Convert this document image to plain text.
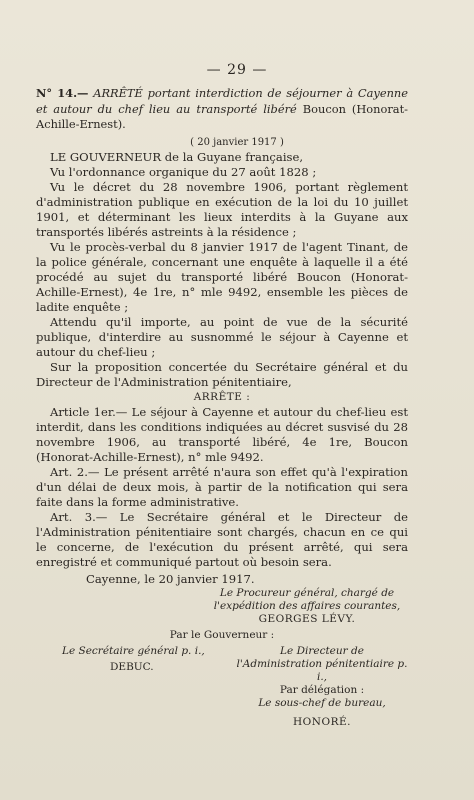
— 29 —
N° 14.— ARRÊTÉ portant interdiction de séjourner à Cayenne et autour du chef lieu au transporté libéré Boucon (Honorat-Achille-Ernest).
( 20 janvier 1917 )

LE GOUVERNEUR de la Guyane française,

Vu l'ordonnance organique du 27 août 1828 ;

Vu le décret du 28 novembre 1906, portant règlement d'administration publique en exécution de la loi du 10 juillet 1901, et déterminant les lieux interdits à la Guyane aux transportés libérés astreints à la résidence ;

Vu le procès-verbal du 8 janvier 1917 de l'agent Tinant, de la police générale, concernant une enquête à laquelle il a été procédé au sujet du transporté libéré Boucon (Honorat-Achille-Ernest), 4e 1re, n° mle 9492, ensemble les pièces de ladite enquête ;

Attendu qu'il importe, au point de vue de la sécurité publique, d'interdire au susnommé le séjour à Cayenne et autour du chef-lieu ;

Sur la proposition concertée du Secrétaire général et du Directeur de l'Administration pénitentiaire,

ARRÊTE :

Article 1er.— Le séjour à Cayenne et autour du chef-lieu est interdit, dans les conditions indiquées au décret susvisé du 28 novembre 1906, au transporté libéré, 4e 1re, Boucon (Honorat-Achille-Ernest), n° mle 9492.

Art. 2.— Le présent arrêté n'aura son effet qu'à l'expiration d'un délai de deux mois, à partir de la notification qui sera faite dans la forme administrative.

Art. 3.— Le Secrétaire général et le Directeur de l'Administration pénitentiaire sont chargés, chacun en ce qui le concerne, de l'exécution du présent arrêté, qui sera enregistré et communiqué partout où besoin sera.

Cayenne, le 20 janvier 1917.

Le Procureur général, chargé de l'expédition des affaires courantes,
GEORGES LÉVY.
Par le Gouverneur :
Le Secrétaire général p. i.,
DEBUC.
Le Directeur de l'Administration pénitentiaire p. i.,
Par délégation :
Le sous-chef de bureau,
HONORÉ.
